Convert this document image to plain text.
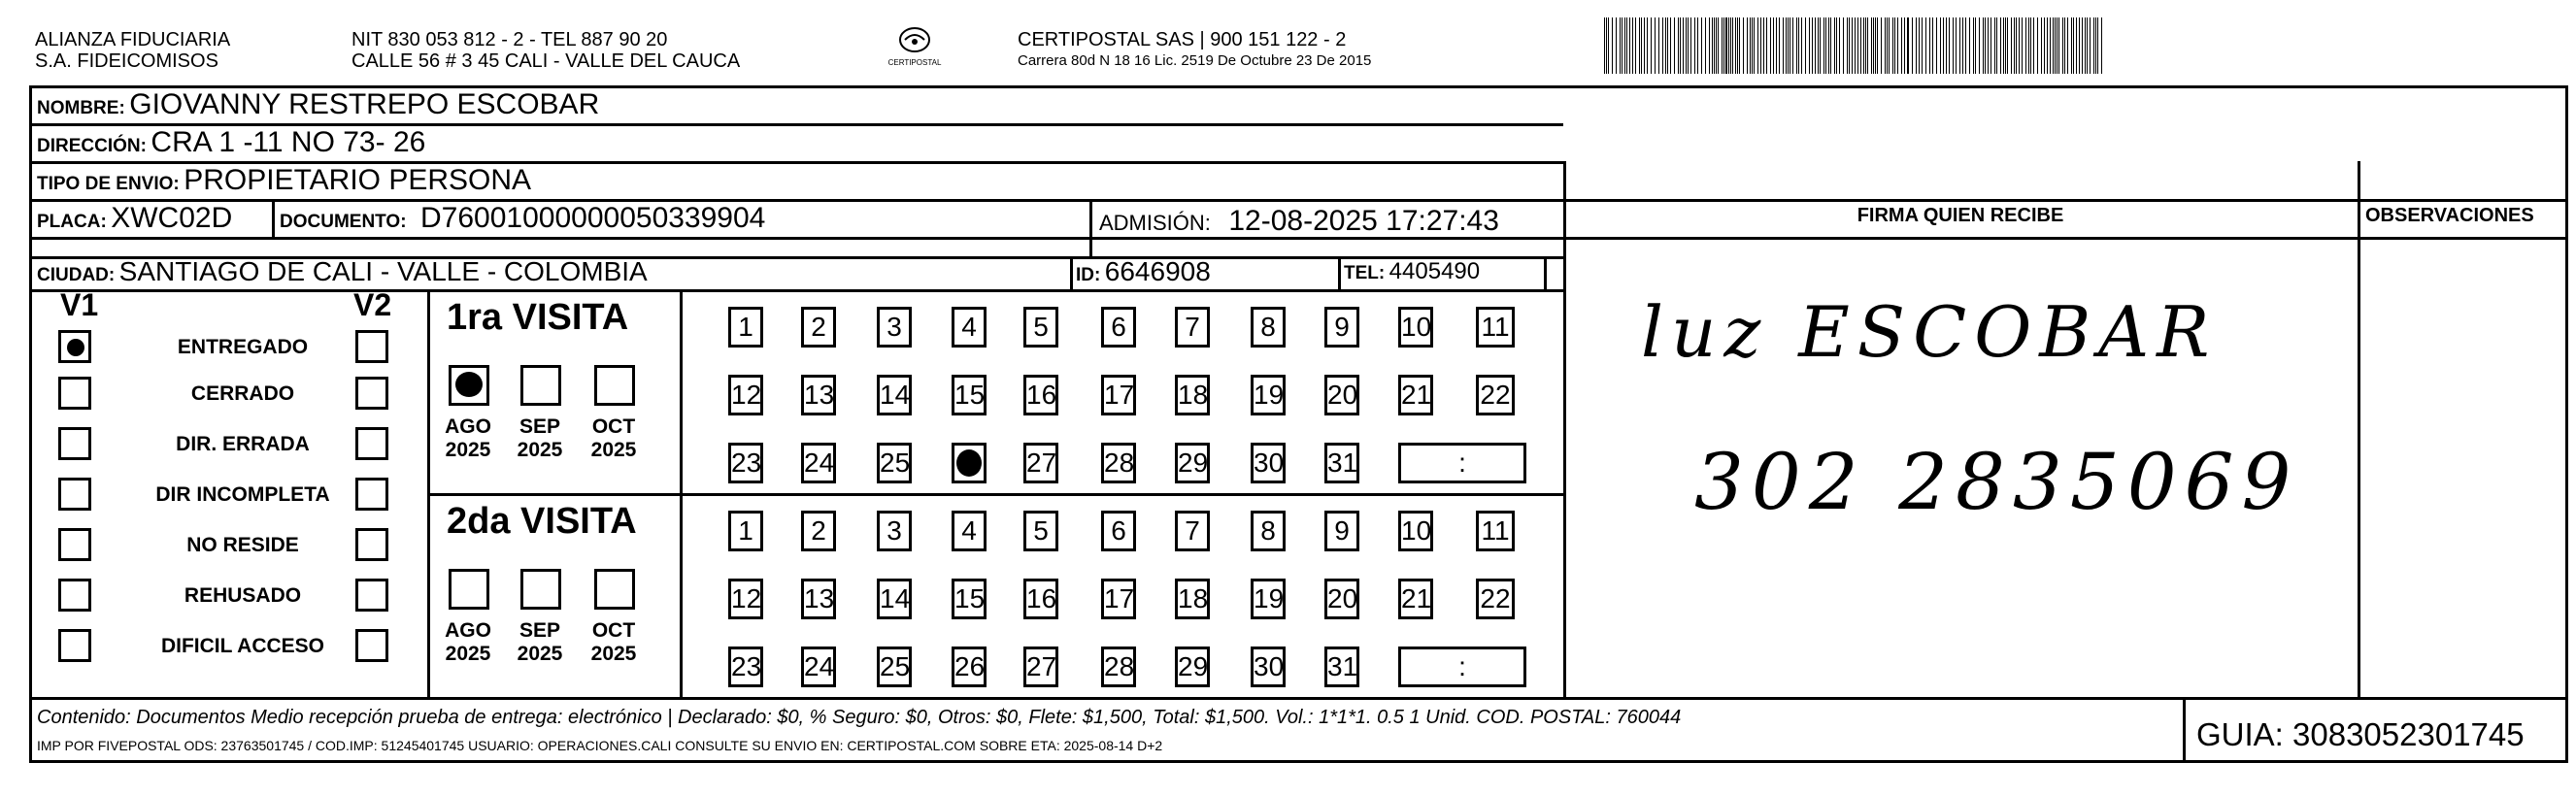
ALIANZA FIDUCIARIA
S.A. FIDEICOMISOS
NIT 830 053 812 - 2 - TEL 887 90 20
CALLE 56 # 3 45 CALI - VALLE DEL CAUCA	CERTIPOSTAL
CERTIPOSTAL SAS | 900 151 122 - 2
Carrera 80d N 18 16 Lic. 2519 De Octubre 23 De 2015
NOMBRE: GIOVANNY RESTREPO ESCOBAR
DIRECCIÓN: CRA 1 -11 NO 73- 26
TIPO DE ENVIO: PROPIETARIO PERSONA
PLACA: XWC02D	DOCUMENTO: D76001000000050339904	ADMISIÓN: 12-08-2025 17:27:43
CIUDAD: SANTIAGO DE CALI - VALLE - COLOMBIA	ID: 6646908	TEL: 4405490
FIRMA QUIEN RECIBE	OBSERVACIONES
V1	V2
ENTREGADO
CERRADO
DIR. ERRADA
DIR INCOMPLETA
NO RESIDE
REHUSADO
DIFICIL ACCESO
1ra VISITA
AGO
2025
SEP
2025
OCT
2025
1	2	3	4	5	6	7	8	9	10 11
12 13 14 15 16 17 18 19 20 21 22
23 24 25	27 28 29 30 31	:
2da VISITA
AGO
2025
SEP
2025
OCT
2025
1	2	3	4	5	6	7	8	9	10 11
12 13 14 15 16 17 18 19 20 21 22
23 24 25 26 27 28 29 30 31	:
luz ESCOBAR
302 2835069
Contenido: Documentos Medio recepción prueba de entrega: electrónico | Declarado: $0, % Seguro: $0, Otros: $0, Flete: $1,500, Total: $1,500. Vol.: 1*1*1. 0.5 1 Unid. COD. POSTAL: 760044
IMP POR FIVEPOSTAL ODS: 23763501745 / COD.IMP: 51245401745 USUARIO: OPERACIONES.CALI CONSULTE SU ENVIO EN: CERTIPOSTAL.COM SOBRE ETA: 2025-08-14 D+2	GUIA: 3083052301745
